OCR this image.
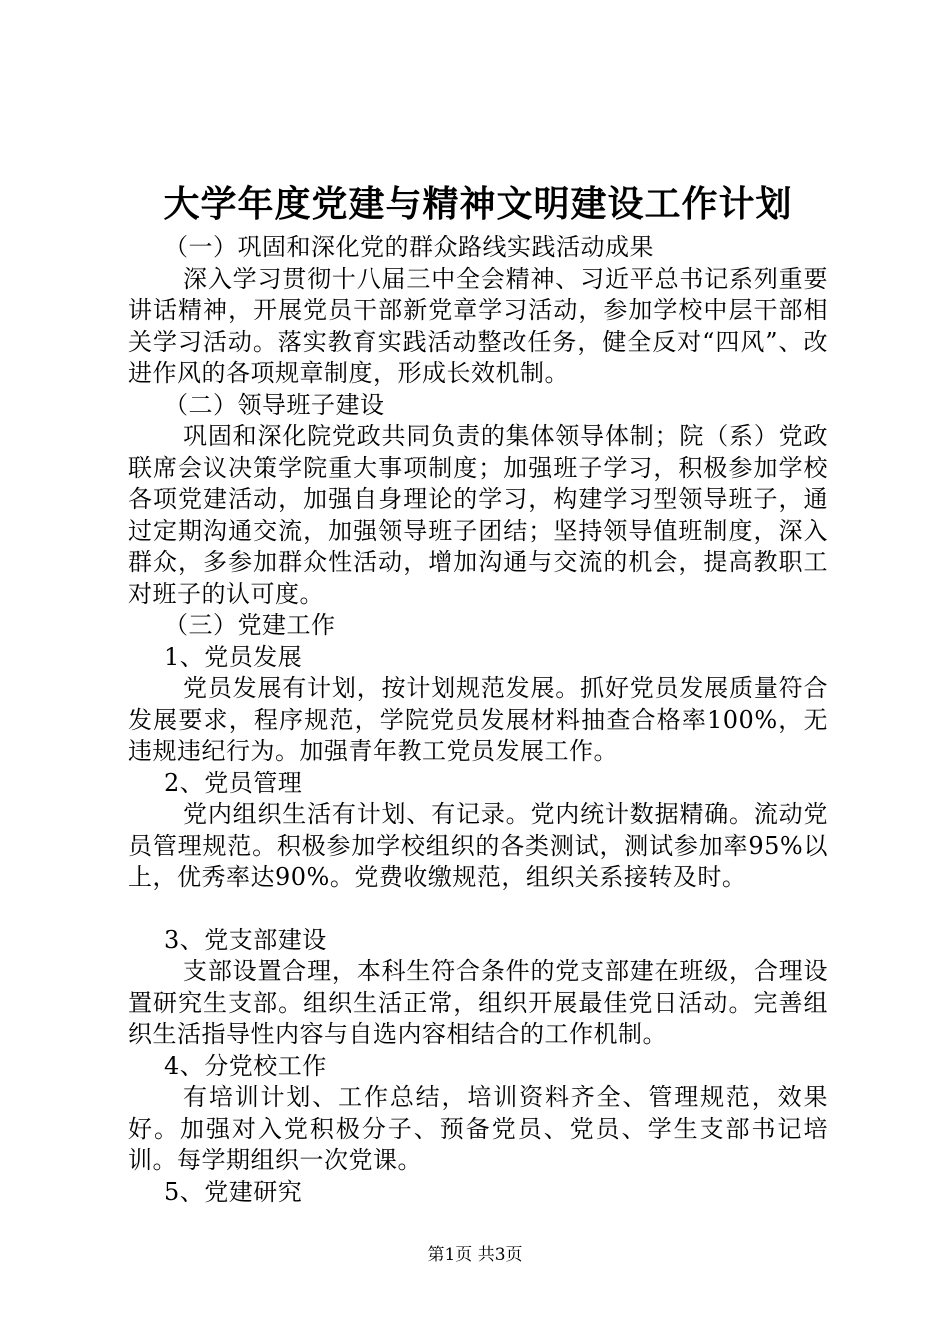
大学年度党建与精神文明建设工作计划

（一）巩固和深化党的群众路线实践活动成果

深入学习贯彻十八届三中全会精神、习近平总书记系列重要讲话精神，开展党员干部新党章学习活动，参加学校中层干部相关学习活动。落实教育实践活动整改任务，健全反对“四风”、改进作风的各项规章制度，形成长效机制。

（二）领导班子建设

巩固和深化院党政共同负责的集体领导体制；院（系）党政联席会议决策学院重大事项制度；加强班子学习，积极参加学校各项党建活动，加强自身理论的学习，构建学习型领导班子，通过定期沟通交流，加强领导班子团结；坚持领导值班制度，深入群众，多参加群众性活动，增加沟通与交流的机会，提高教职工对班子的认可度。

（三）党建工作

1、党员发展

党员发展有计划，按计划规范发展。抓好党员发展质量符合发展要求，程序规范，学院党员发展材料抽查合格率100%，无违规违纪行为。加强青年教工党员发展工作。

2、党员管理

党内组织生活有计划、有记录。党内统计数据精确。流动党员管理规范。积极参加学校组织的各类测试，测试参加率95%以上，优秀率达90%。党费收缴规范，组织关系接转及时。

3、党支部建设

支部设置合理，本科生符合条件的党支部建在班级，合理设置研究生支部。组织生活正常，组织开展最佳党日活动。完善组织生活指导性内容与自选内容相结合的工作机制。

4、分党校工作

有培训计划、工作总结，培训资料齐全、管理规范，效果好。加强对入党积极分子、预备党员、党员、学生支部书记培训。每学期组织一次党课。

5、党建研究

第1页 共3页
